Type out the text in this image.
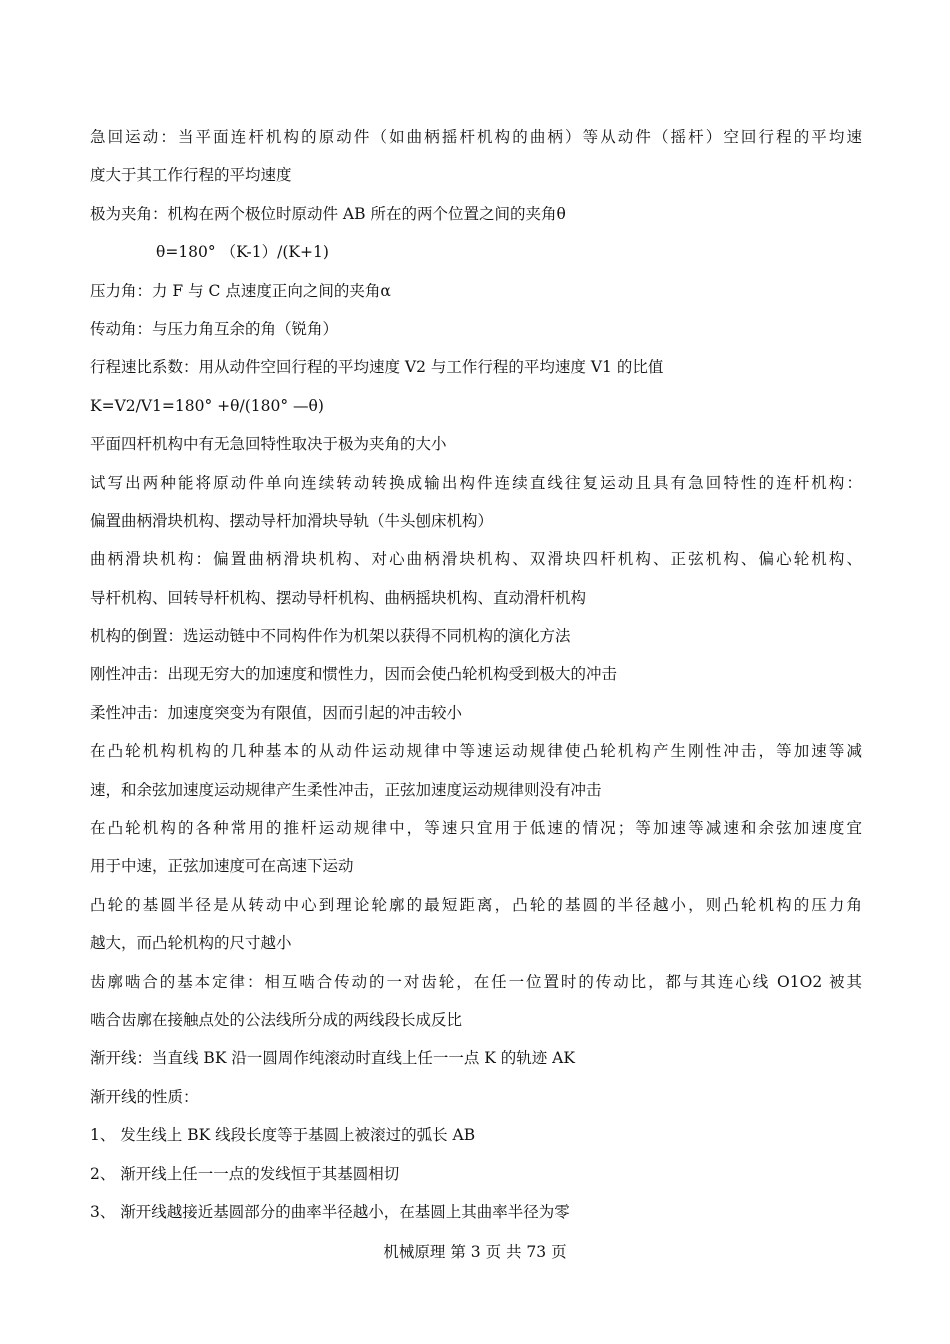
急回运动：当平面连杆机构的原动件（如曲柄摇杆机构的曲柄）等从动件（摇杆）空回行程的平均速
度大于其工作行程的平均速度
极为夹角：机构在两个极位时原动件 AB 所在的两个位置之间的夹角θ
θ=180° （K-1）/(K+1)
压力角：力 F 与 C 点速度正向之间的夹角α
传动角：与压力角互余的角（锐角）
行程速比系数：用从动件空回行程的平均速度 V2 与工作行程的平均速度 V1 的比值
K=V2/V1=180° +θ/(180° —θ)
平面四杆机构中有无急回特性取决于极为夹角的大小
试写出两种能将原动件单向连续转动转换成输出构件连续直线往复运动且具有急回特性的连杆机构：
偏置曲柄滑块机构、摆动导杆加滑块导轨（牛头刨床机构）
曲柄滑块机构：偏置曲柄滑块机构、对心曲柄滑块机构、双滑块四杆机构、正弦机构、偏心轮机构、
导杆机构、回转导杆机构、摆动导杆机构、曲柄摇块机构、直动滑杆机构
机构的倒置：选运动链中不同构件作为机架以获得不同机构的演化方法
刚性冲击：出现无穷大的加速度和惯性力，因而会使凸轮机构受到极大的冲击
柔性冲击：加速度突变为有限值，因而引起的冲击较小
在凸轮机构机构的几种基本的从动件运动规律中等速运动规律使凸轮机构产生刚性冲击，等加速等减
速，和余弦加速度运动规律产生柔性冲击，正弦加速度运动规律则没有冲击
在凸轮机构的各种常用的推杆运动规律中，等速只宜用于低速的情况；等加速等减速和余弦加速度宜
用于中速，正弦加速度可在高速下运动
凸轮的基圆半径是从转动中心到理论轮廓的最短距离，凸轮的基圆的半径越小，则凸轮机构的压力角
越大，而凸轮机构的尺寸越小
齿廓啮合的基本定律：相互啮合传动的一对齿轮，在任一位置时的传动比，都与其连心线 O1O2 被其
啮合齿廓在接触点处的公法线所分成的两线段长成反比
渐开线：当直线 BK 沿一圆周作纯滚动时直线上任一一点 K 的轨迹 AK
渐开线的性质：
1、 发生线上 BK 线段长度等于基圆上被滚过的弧长 AB
2、 渐开线上任一一点的发线恒于其基圆相切
3、 渐开线越接近基圆部分的曲率半径越小，在基圆上其曲率半径为零
机械原理 第 3 页 共 73 页
